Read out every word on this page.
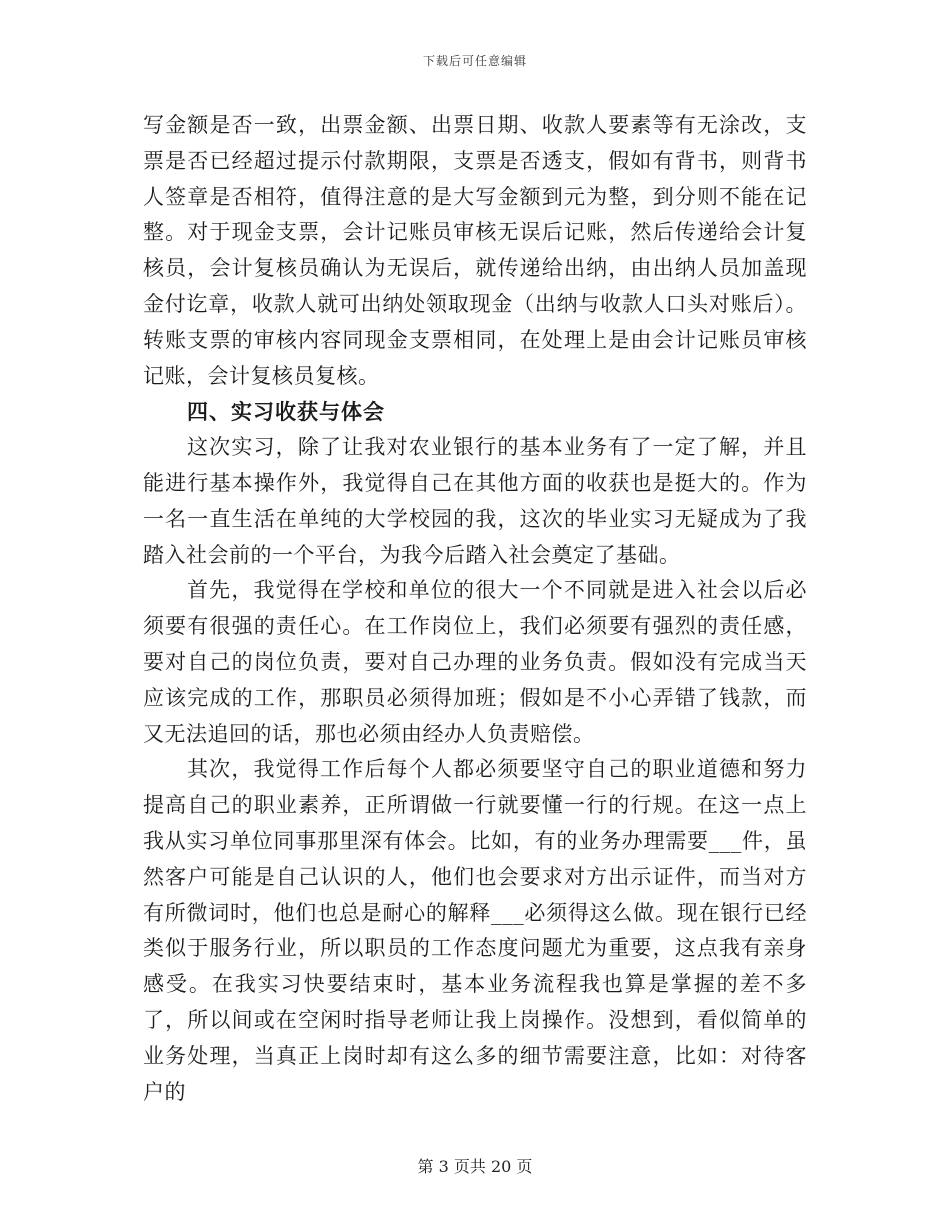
下载后可任意编辑

写金额是否一致，出票金额、出票日期、收款人要素等有无涂改，支票是否已经超过提示付款期限，支票是否透支，假如有背书，则背书人签章是否相符，值得注意的是大写金额到元为整，到分则不能在记整。对于现金支票，会计记账员审核无误后记账，然后传递给会计复核员，会计复核员确认为无误后，就传递给出纳，由出纳人员加盖现金付讫章，收款人就可出纳处领取现金（出纳与收款人口头对账后）。转账支票的审核内容同现金支票相同，在处理上是由会计记账员审核记账，会计复核员复核。

四、实习收获与体会

这次实习，除了让我对农业银行的基本业务有了一定了解，并且能进行基本操作外，我觉得自己在其他方面的收获也是挺大的。作为一名一直生活在单纯的大学校园的我，这次的毕业实习无疑成为了我踏入社会前的一个平台，为我今后踏入社会奠定了基础。

首先，我觉得在学校和单位的很大一个不同就是进入社会以后必须要有很强的责任心。在工作岗位上，我们必须要有强烈的责任感，要对自己的岗位负责，要对自己办理的业务负责。假如没有完成当天应该完成的工作，那职员必须得加班；假如是不小心弄错了钱款，而又无法追回的话，那也必须由经办人负责赔偿。

其次，我觉得工作后每个人都必须要坚守自己的职业道德和努力提高自己的职业素养，正所谓做一行就要懂一行的行规。在这一点上我从实习单位同事那里深有体会。比如，有的业务办理需要___件，虽然客户可能是自己认识的人，他们也会要求对方出示证件，而当对方有所微词时，他们也总是耐心的解释___必须得这么做。现在银行已经类似于服务行业，所以职员的工作态度问题尤为重要，这点我有亲身感受。在我实习快要结束时，基本业务流程我也算是掌握的差不多了，所以间或在空闲时指导老师让我上岗操作。没想到，看似简单的业务处理，当真正上岗时却有这么多的细节需要注意，比如：对待客户的

第 3 页共 20 页
